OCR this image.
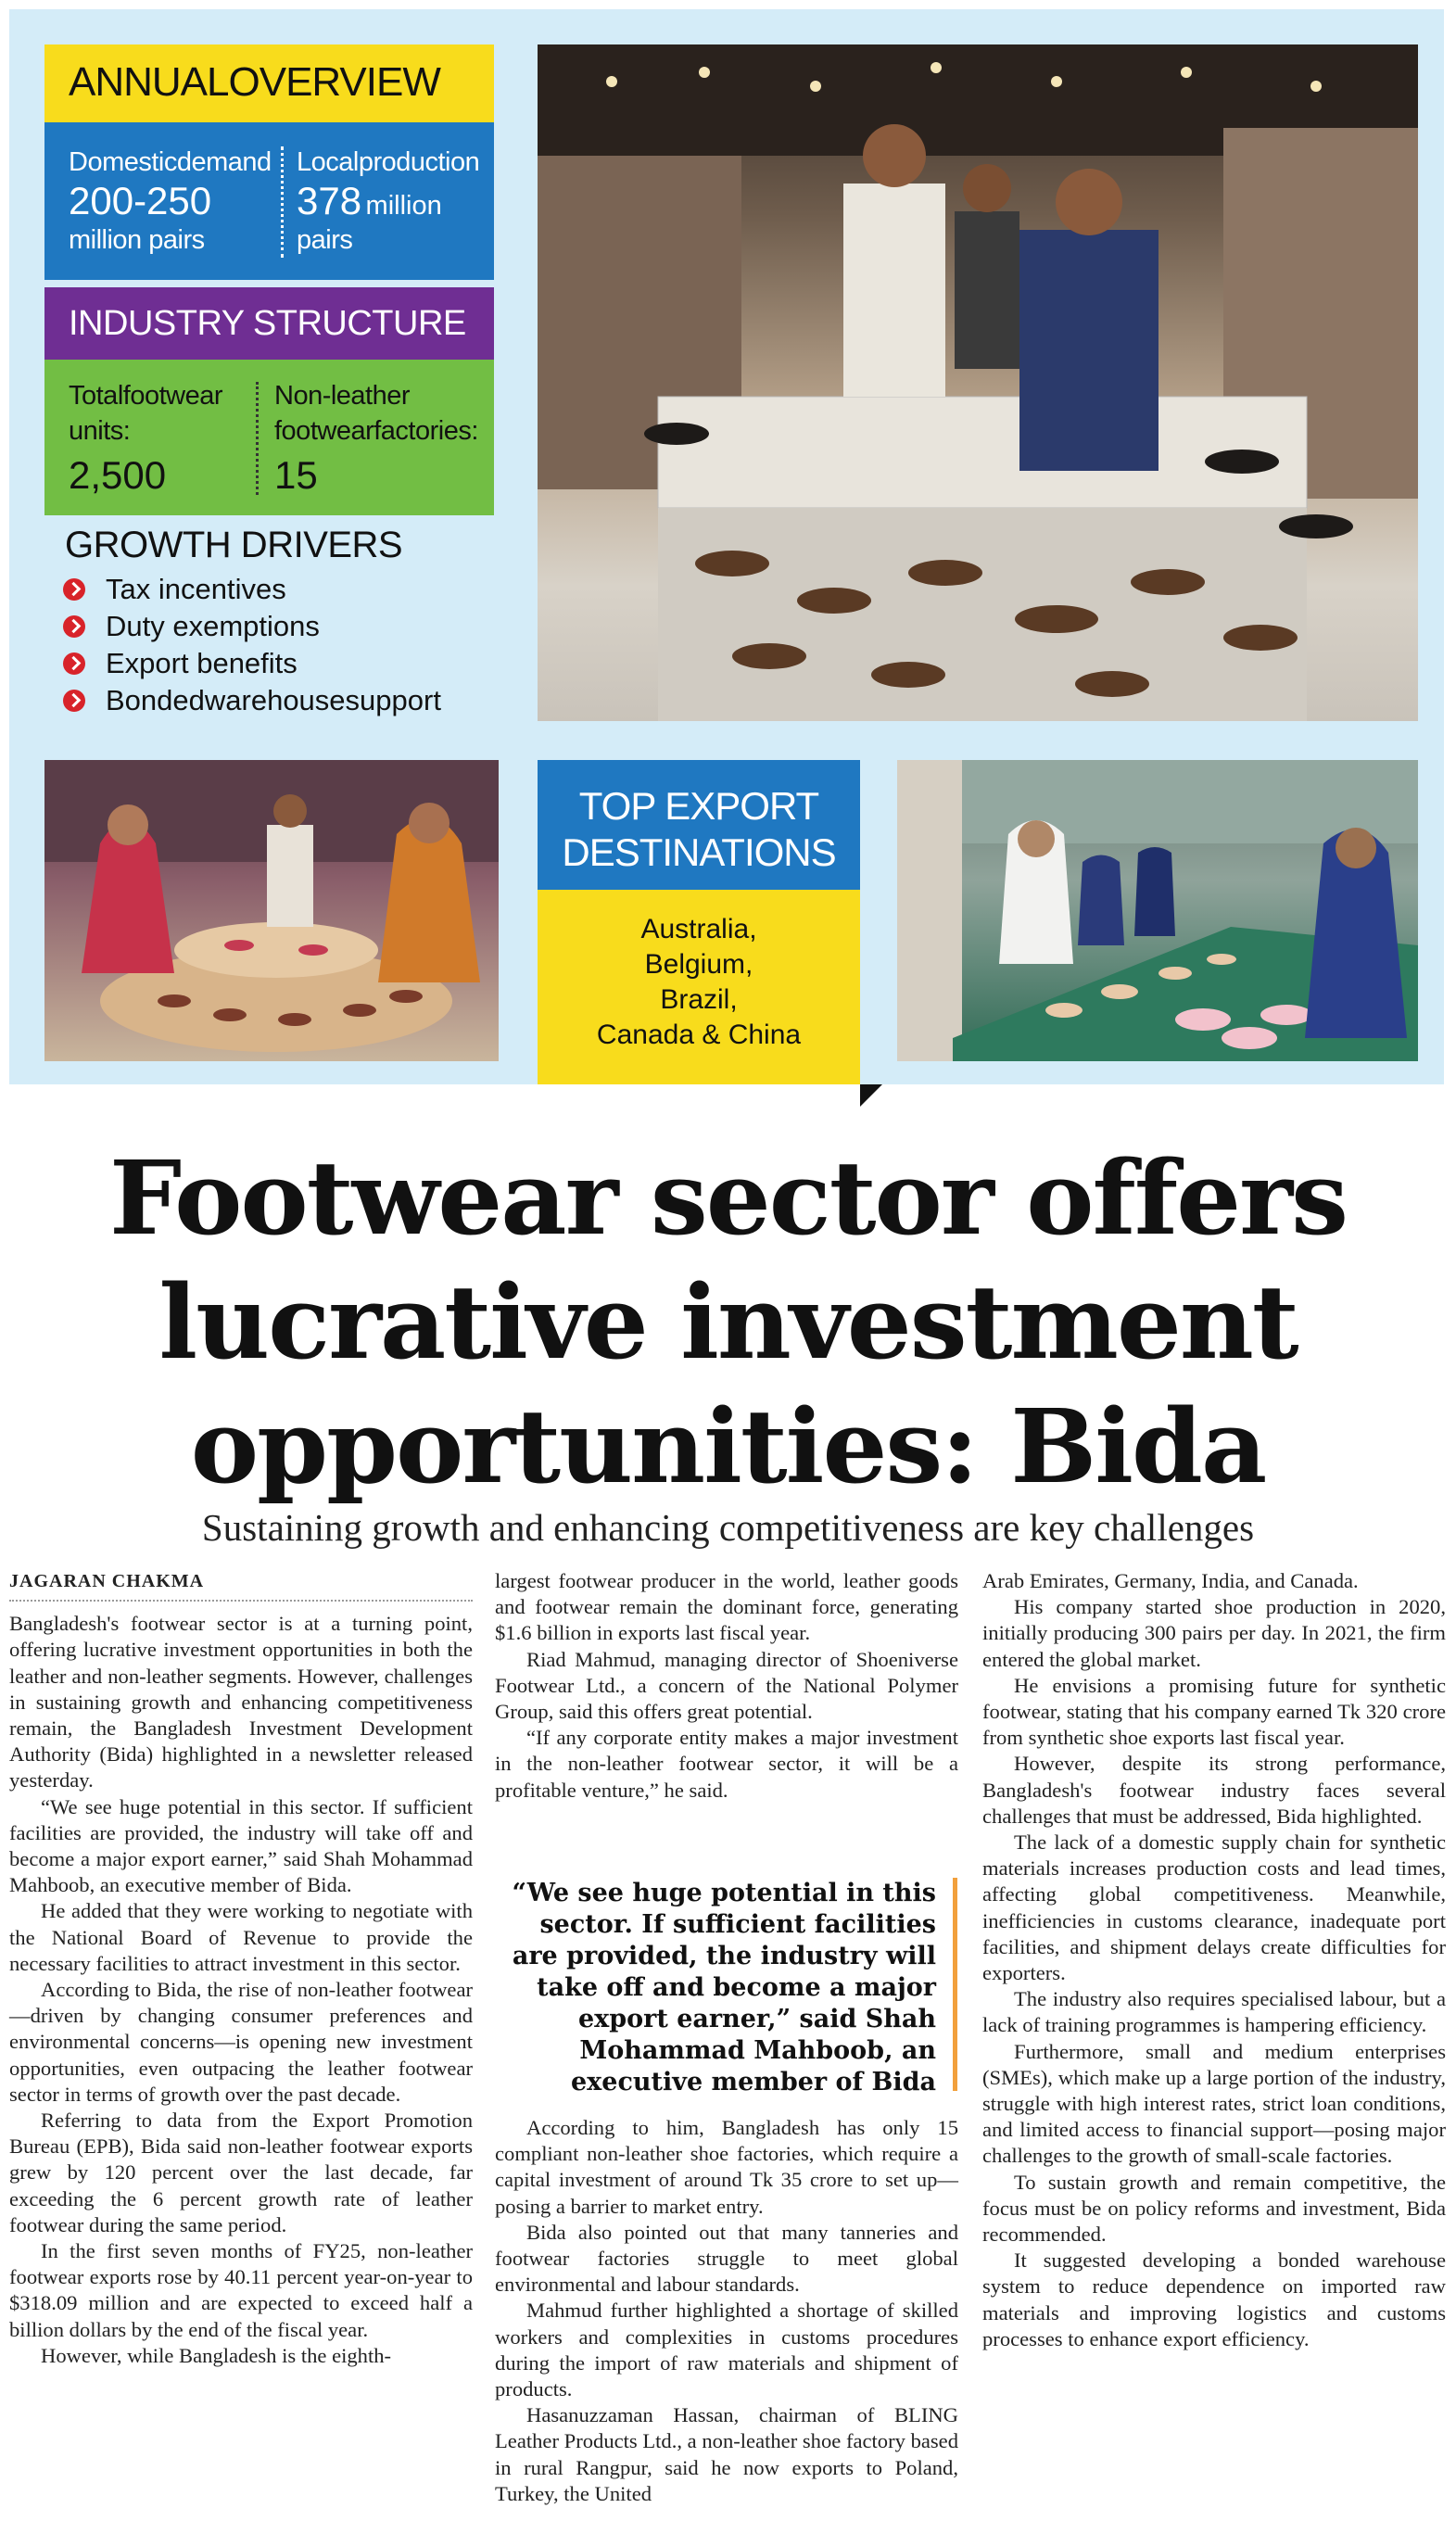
ANNUALOVERVIEW
Domesticdemand
200-250
million pairs
Localproduction
378 million
pairs
INDUSTRY STRUCTURE
Totalfootwear
units:
2,500
Non-leather
footwearfactories:
15
GROWTH DRIVERS
Tax incentives
Duty exemptions
Export benefits
Bondedwarehousesupport
TOP EXPORT
DESTINATIONS
Australia,
Belgium,
Brazil,
Canada & China
Footwear sector offers
lucrative investment
opportunities: Bida
Sustaining growth and enhancing competitiveness are key challenges
JAGARAN CHAKMA

Bangladesh's footwear sector is at a turning point, offering lucrative investment opportunities in both the leather and non-leather segments. However, challenges in sustaining growth and enhancing competitiveness remain, the Bangladesh Investment Development Authority (Bida) highlighted in a newsletter released yesterday.

“We see huge potential in this sector. If sufficient facilities are provided, the industry will take off and become a major export earner,” said Shah Mohammad Mahboob, an executive member of Bida.

He added that they were working to negotiate with the National Board of Revenue to provide the necessary facilities to attract investment in this sector.

According to Bida, the rise of non-leather footwear—driven by changing consumer preferences and environmental concerns—is opening new investment opportunities, even outpacing the leather footwear sector in terms of growth over the past decade.

Referring to data from the Export Promotion Bureau (EPB), Bida said non-leather footwear exports grew by 120 percent over the last decade, far exceeding the 6 percent growth rate of leather footwear during the same period.

In the first seven months of FY25, non-leather footwear exports rose by 40.11 percent year-on-year to $318.09 million and are expected to exceed half a billion dollars by the end of the fiscal year.

However, while Bangladesh is the eighth-

largest footwear producer in the world, leather goods and footwear remain the dominant force, generating $1.6 billion in exports last fiscal year.

Riad Mahmud, managing director of Shoeniverse Footwear Ltd., a concern of the National Polymer Group, said this offers great potential.

“If any corporate entity makes a major investment in the non-leather footwear sector, it will be a profitable venture,” he said.

“We see huge potential in this sector. If sufficient facilities are provided, the industry will take off and become a major export earner,” said Shah Mohammad Mahboob, an executive member of Bida

According to him, Bangladesh has only 15 compliant non-leather shoe factories, which require a capital investment of around Tk 35 crore to set up—posing a barrier to market entry.

Bida also pointed out that many tanneries and footwear factories struggle to meet global environmental and labour standards.

Mahmud further highlighted a shortage of skilled workers and complexities in customs procedures during the import of raw materials and shipment of products.

Hasanuzzaman Hassan, chairman of BLING Leather Products Ltd., a non-leather shoe factory based in rural Rangpur, said he now exports to Poland, Turkey, the United

Arab Emirates, Germany, India, and Canada.

His company started shoe production in 2020, initially producing 300 pairs per day. In 2021, the firm entered the global market.

He envisions a promising future for synthetic footwear, stating that his company earned Tk 320 crore from synthetic shoe exports last fiscal year.

However, despite its strong performance, Bangladesh's footwear industry faces several challenges that must be addressed, Bida highlighted.

The lack of a domestic supply chain for synthetic materials increases production costs and lead times, affecting global competitiveness. Meanwhile, inefficiencies in customs clearance, inadequate port facilities, and shipment delays create difficulties for exporters.

The industry also requires specialised labour, but a lack of training programmes is hampering efficiency.

Furthermore, small and medium enterprises (SMEs), which make up a large portion of the industry, struggle with high interest rates, strict loan conditions, and limited access to financial support—posing major challenges to the growth of small-scale factories.

To sustain growth and remain competitive, the focus must be on policy reforms and investment, Bida recommended.

It suggested developing a bonded warehouse system to reduce dependence on imported raw materials and improving logistics and customs processes to enhance export efficiency.
